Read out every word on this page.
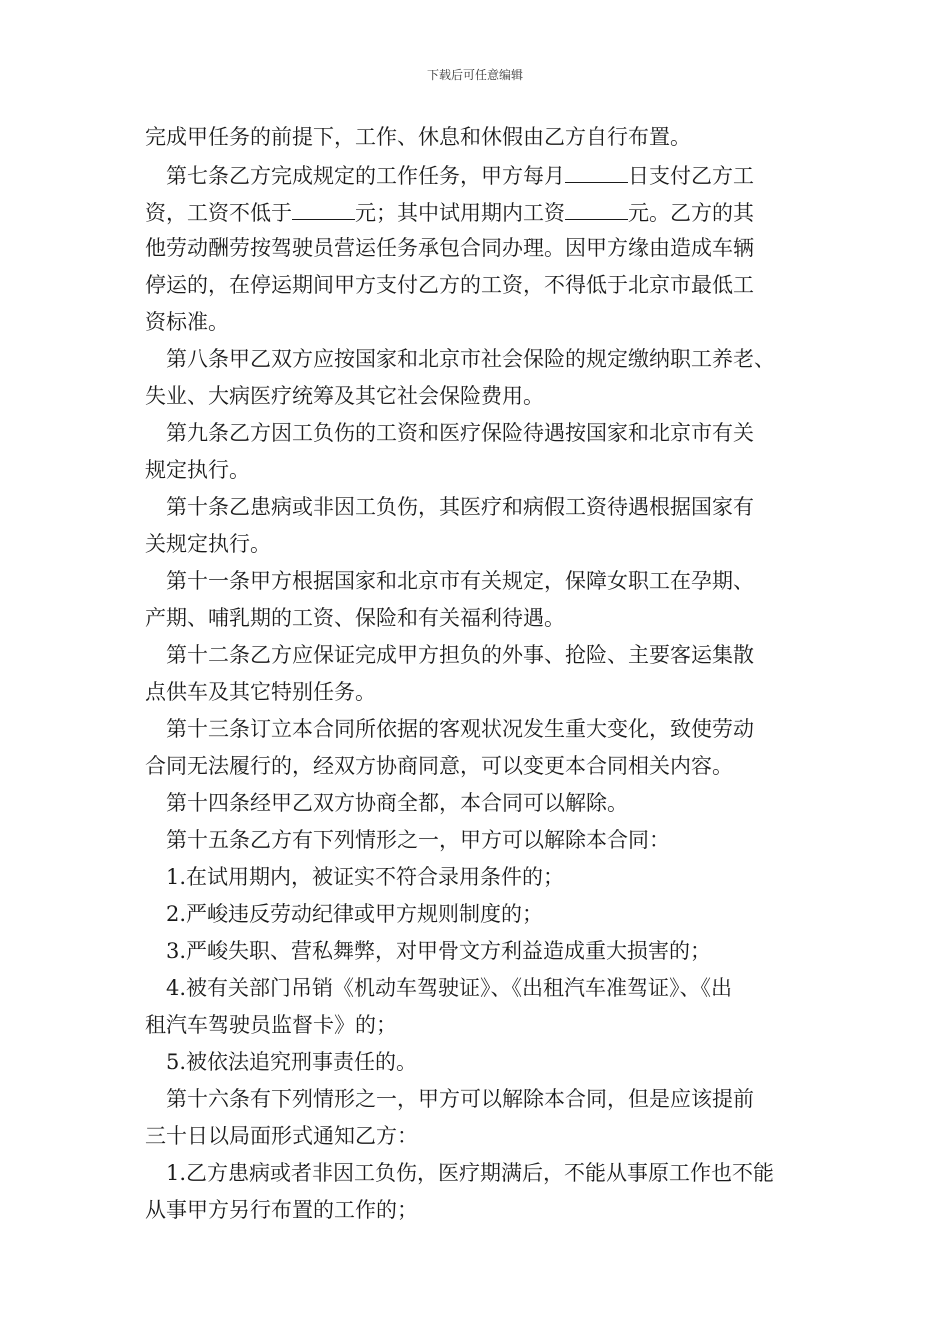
下载后可任意编辑
完成甲任务的前提下，工作、休息和休假由乙方自行布置。
第七条乙方完成规定的工作任务，甲方每月	日支付乙方工
资，工资不低于	元；其中试用期内工资	元。乙方的其
他劳动酬劳按驾驶员营运任务承包合同办理。因甲方缘由造成车辆
停运的，在停运期间甲方支付乙方的工资，不得低于北京市最低工
资标准。
第八条甲乙双方应按国家和北京市社会保险的规定缴纳职工养老、
失业、大病医疗统筹及其它社会保险费用。
第九条乙方因工负伤的工资和医疗保险待遇按国家和北京市有关
规定执行。
第十条乙患病或非因工负伤，其医疗和病假工资待遇根据国家有
关规定执行。
第十一条甲方根据国家和北京市有关规定，保障女职工在孕期、
产期、哺乳期的工资、保险和有关福利待遇。
第十二条乙方应保证完成甲方担负的外事、抢险、主要客运集散
点供车及其它特别任务。
第十三条订立本合同所依据的客观状况发生重大变化，致使劳动
合同无法履行的，经双方协商同意，可以变更本合同相关内容。
第十四条经甲乙双方协商全都，本合同可以解除。
第十五条乙方有下列情形之一，甲方可以解除本合同：
1.在试用期内，被证实不符合录用条件的；
2.严峻违反劳动纪律或甲方规则制度的；
3.严峻失职、营私舞弊，对甲骨文方利益造成重大损害的；
4.被有关部门吊销《机动车驾驶证》、《出租汽车准驾证》、《出
租汽车驾驶员监督卡》的；
5.被依法追究刑事责任的。
第十六条有下列情形之一，甲方可以解除本合同，但是应该提前
三十日以局面形式通知乙方：
1.乙方患病或者非因工负伤，医疗期满后，不能从事原工作也不能
从事甲方另行布置的工作的；
